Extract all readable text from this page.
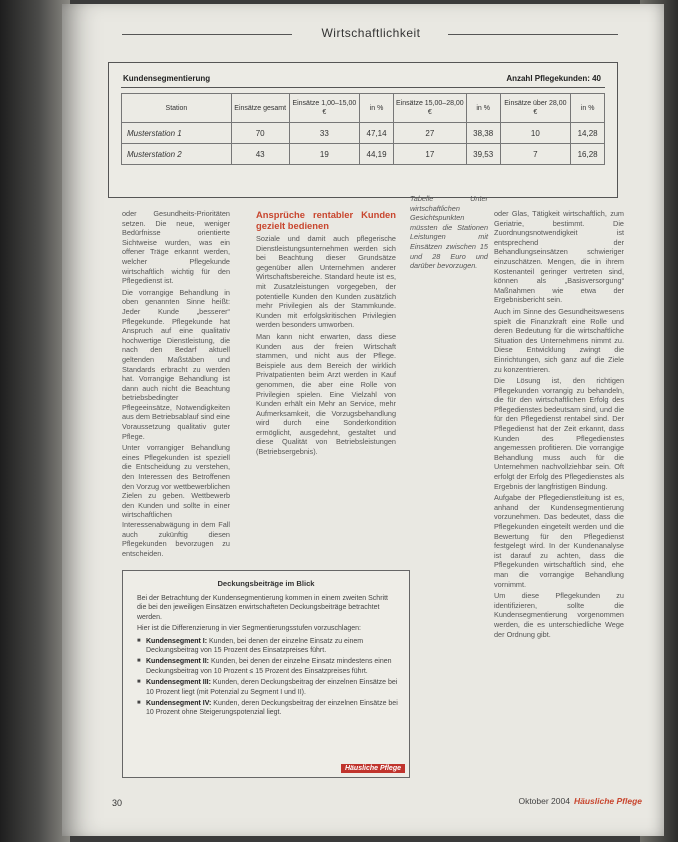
Wirtschaftlichkeit
Kundensegmentierung	Anzahl Pflegekunden: 40
Station	Einsätze gesamt	Einsätze 1,00–15,00 €	in %	Einsätze 15,00–28,00 €	in %	Einsätze über 28,00 €	in %
Musterstation 1	70	33	47,14	27	38,38	10	14,28
Musterstation 2	43	19	44,19	17	39,53	7	16,28

oder Gesundheits-Prioritäten setzen. Die neue, weniger Bedürfnisse orientierte Sichtweise wurden, was ein offener Träge erkannt werden, welcher Pflegekunde wirtschaftlich wichtig für den Pflegedienst ist.

Die vorrangige Behandlung in oben genannten Sinne heißt: Jeder Kunde „besserer“ Pflegekunde. Pflegekunde hat Anspruch auf eine qualitativ hochwertige Dienstleistung, die nach den Bedarf aktuell geltenden Maßstäben und Standards erbracht zu werden hat. Vorrangige Behandlung ist dann auch nicht die Beachtung betriebsbedingter Pflegeeinsätze, Notwendigkeiten aus dem Betriebsablauf sind eine Voraussetzung qualitativ guter Pflege.

Unter vorrangiger Behandlung eines Pflegekunden ist speziell die Entscheidung zu verstehen, den Interessen des Betroffenen den Vorzug vor wettbewerblichen Zielen zu geben. Wettbewerb den Kunden und sollte in einer wirtschaftlichen Interessenabwägung in dem Fall auch zukünftig diesen Pflegekunden bevorzugen zu entscheiden.

Ansprüche rentabler Kunden gezielt bedienen

Soziale und damit auch pflegerische Dienstleistungsunternehmen werden sich bei Beachtung dieser Grundsätze gegenüber allen Unternehmen anderer Wirtschaftsbereiche. Standard heute ist es, mit Zusatzleistungen vorgegeben, der potentielle Kunden den Kunden zusätzlich mehr Privilegien als der Stammkunde. Kunden mit erfolgskritischen Privilegien werden besonders umworben.

Man kann nicht erwarten, dass diese Kunden aus der freien Wirtschaft stammen, und nicht aus der Pflege. Beispiele aus dem Bereich der wirklich Privatpatienten beim Arzt werden in Kauf genommen, die aber eine Rolle von Privilegien spielen. Eine Vielzahl von Kunden erhält ein Mehr an Service, mehr Aufmerksamkeit, die Vorzugsbehandlung wird durch eine Sonderkondition ermöglicht, ausgedehnt, gestaltet und diese Qualität von Betriebsleistungen (Betriebsergebnis).

Tabelle Unter wirtschaftlichen Gesichtspunkten müssten die Stationen Leistungen mit Einsätzen zwischen 15 und 28 Euro und darüber bevorzugen.

oder Glas, Tätigkeit wirtschaftlich, zum Geriatrie, bestimmt. Die Zuordnungsnotwendigkeit ist entsprechend der Behandlungseinsätzen schwieriger einzuschätzen. Mengen, die in ihrem Kostenanteil geringer vertreten sind, können als „Basisversorgung“ Maßnahmen wie etwa der Ergebnisbericht sein.

Auch im Sinne des Gesundheitswesens spielt die Finanzkraft eine Rolle und deren Bedeutung für die wirtschaftliche Situation des Unternehmens nimmt zu. Diese Entwicklung zwingt die Einrichtungen, sich ganz auf die Ziele zu konzentrieren.

Die Lösung ist, den richtigen Pflegekunden vorrangig zu behandeln, die für den wirtschaftlichen Erfolg des Pflegedienstes bedeutsam sind, und die für den Pflegedienst rentabel sind. Der Pflegedienst hat der Zeit erkannt, dass Kunden des Pflegedienstes angemessen profitieren. Die vorrangige Behandlung muss auch für die Unternehmen nachvollziehbar sein. Oft erfolgt der Erfolg des Pflegedienstes als Ergebnis der langfristigen Bindung.

Aufgabe der Pflegedienstleitung ist es, anhand der Kundensegmentierung vorzunehmen. Das bedeutet, dass die Pflegekunden eingeteilt werden und die Bewertung für den Pflegedienst festgelegt wird. In der Kundenanalyse ist darauf zu achten, dass die Pflegekunden wirtschaftlich sind, ehe man die vorrangige Behandlung vornimmt.

Um diese Pflegekunden zu identifizieren, sollte die Kundensegmentierung vorgenommen werden, die es unterschiedliche Wege der Ordnung gibt.

Deckungsbeiträge im Blick
Bei der Betrachtung der Kundensegmentierung kommen in einem zweiten Schritt die bei den jeweiligen Einsätzen erwirtschafteten Deckungsbeiträge betrachtet werden.
Hier ist die Differenzierung in vier Segmentierungsstufen vorzuschlagen:
■ Kundensegment I: Kunden, bei denen der einzelne Einsatz zu einem Deckungsbeitrag von 15 Prozent des Einsatzpreises führt.
■ Kundensegment II: Kunden, bei denen der einzelne Einsatz mindestens einen Deckungsbeitrag von 10 Prozent ≤ 15 Prozent des Einsatzpreises führt.
■ Kundensegment III: Kunden, deren Deckungsbeitrag der einzelnen Einsätze bei 10 Prozent liegt (mit Potenzial zu Segment I und II).
■ Kundensegment IV: Kunden, deren Deckungsbeitrag der einzelnen Einsätze bei 10 Prozent ohne Steigerungspotenzial liegt.
Häusliche Pflege
30	Oktober 2004 Häusliche Pflege
